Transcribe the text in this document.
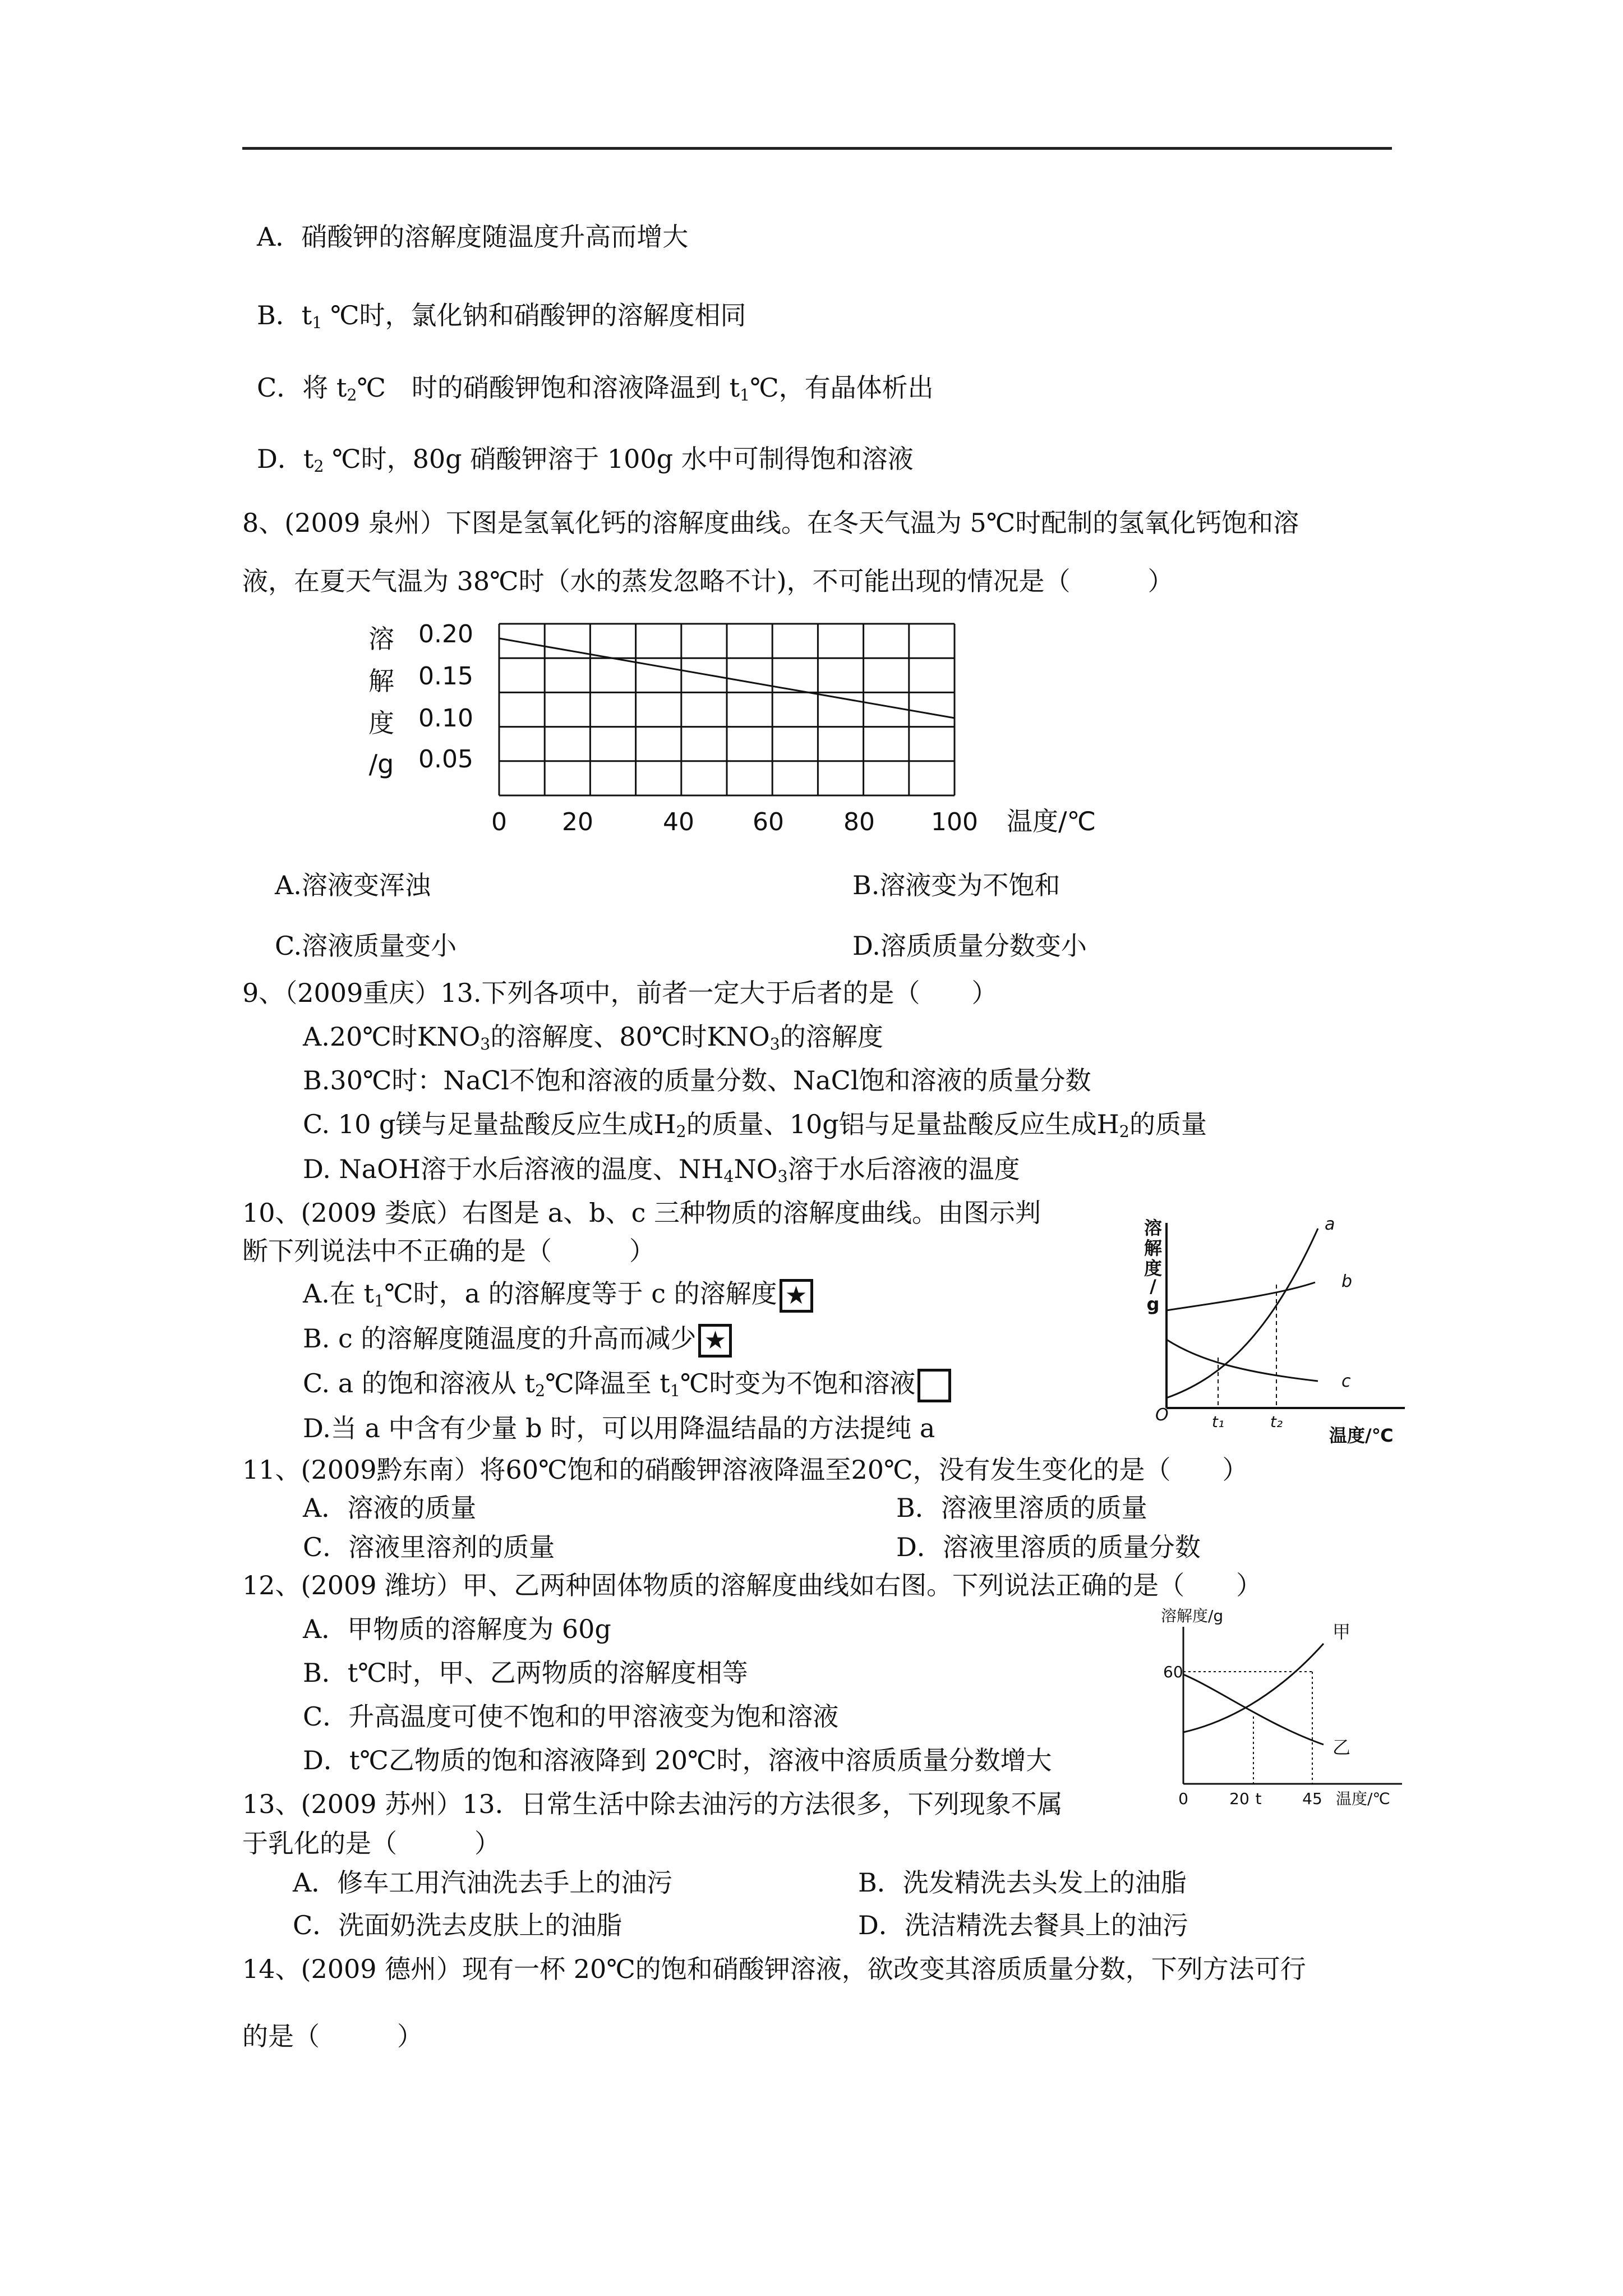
A．硝酸钾的溶解度随温度升高而增大
B．$t_1$ ℃时，氯化钠和硝酸钾的溶解度相同
C．将 $t_2℃$　时的硝酸钾饱和溶液降温到 $t_1℃$，有晶体析出
D．$t_2$ ℃时，80g 硝酸钾溶于 100g 水中可制得饱和溶液
8、(2009 泉州）下图是氢氧化钙的溶解度曲线。在冬天气温为 5℃时配制的氢氧化钙饱和溶
液，在夏天气温为 38℃时（水的蒸发忽略不计)，不可能出现的情况是（　　　）
溶
解
度
/g
0.20
0.15
0.10
0.05
0 20	40 60 80 100 温度/℃
A.溶液变浑浊	B.溶液变为不饱和
C.溶液质量变小	D.溶质质量分数变小
9、（2009重庆）13.下列各项中，前者一定大于后者的是（　　）
A.20℃时$KNO_3$的溶解度、80℃时$KNO_3$的溶解度
B.30℃时：NaCl不饱和溶液的质量分数、NaCl饱和溶液的质量分数
C. 10 g镁与足量盐酸反应生成$H_2$的质量、10g铝与足量盐酸反应生成$H_2$的质量
D. NaOH溶于水后溶液的温度、$NH_4NO_3$溶于水后溶液的温度
10、(2009 娄底）右图是 a、b、c 三种物质的溶解度曲线。由图示判
断下列说法中不正确的是（　　　）
A.在 $t_1℃$时，a 的溶解度等于 c 的溶解度 ★
B. c 的溶解度随温度的升高而减少 ★
C. a 的饱和溶液从 $t_2℃$降温至 $t_1℃$时变为不饱和溶液
D.当 a 中含有少量 b 时，可以用降温结晶的方法提纯 a
溶
解
度
/
g
a
b
c
O	t₁	t₂
温度/℃
11、(2009黔东南）将60℃饱和的硝酸钾溶液降温至20℃，没有发生变化的是（　　）
A．溶液的质量	B．溶液里溶质的质量
C．溶液里溶剂的质量	D．溶液里溶质的质量分数
12、(2009 潍坊）甲、乙两种固体物质的溶解度曲线如右图。下列说法正确的是（　　）
A．甲物质的溶解度为 60g
B．t℃时，甲、乙两物质的溶解度相等
C．升高温度可使不饱和的甲溶液变为饱和溶液
D．t℃乙物质的饱和溶液降到 20℃时，溶液中溶质质量分数增大
溶解度/g
甲
乙
60
0	20 t	45 温度/℃
13、(2009 苏州）13．日常生活中除去油污的方法很多，下列现象不属
于乳化的是（　　　）
A．修车工用汽油洗去手上的油污	B．洗发精洗去头发上的油脂
C．洗面奶洗去皮肤上的油脂	D．洗洁精洗去餐具上的油污
14、(2009 德州）现有一杯 20℃的饱和硝酸钾溶液，欲改变其溶质质量分数，下列方法可行
的是（　　　）
